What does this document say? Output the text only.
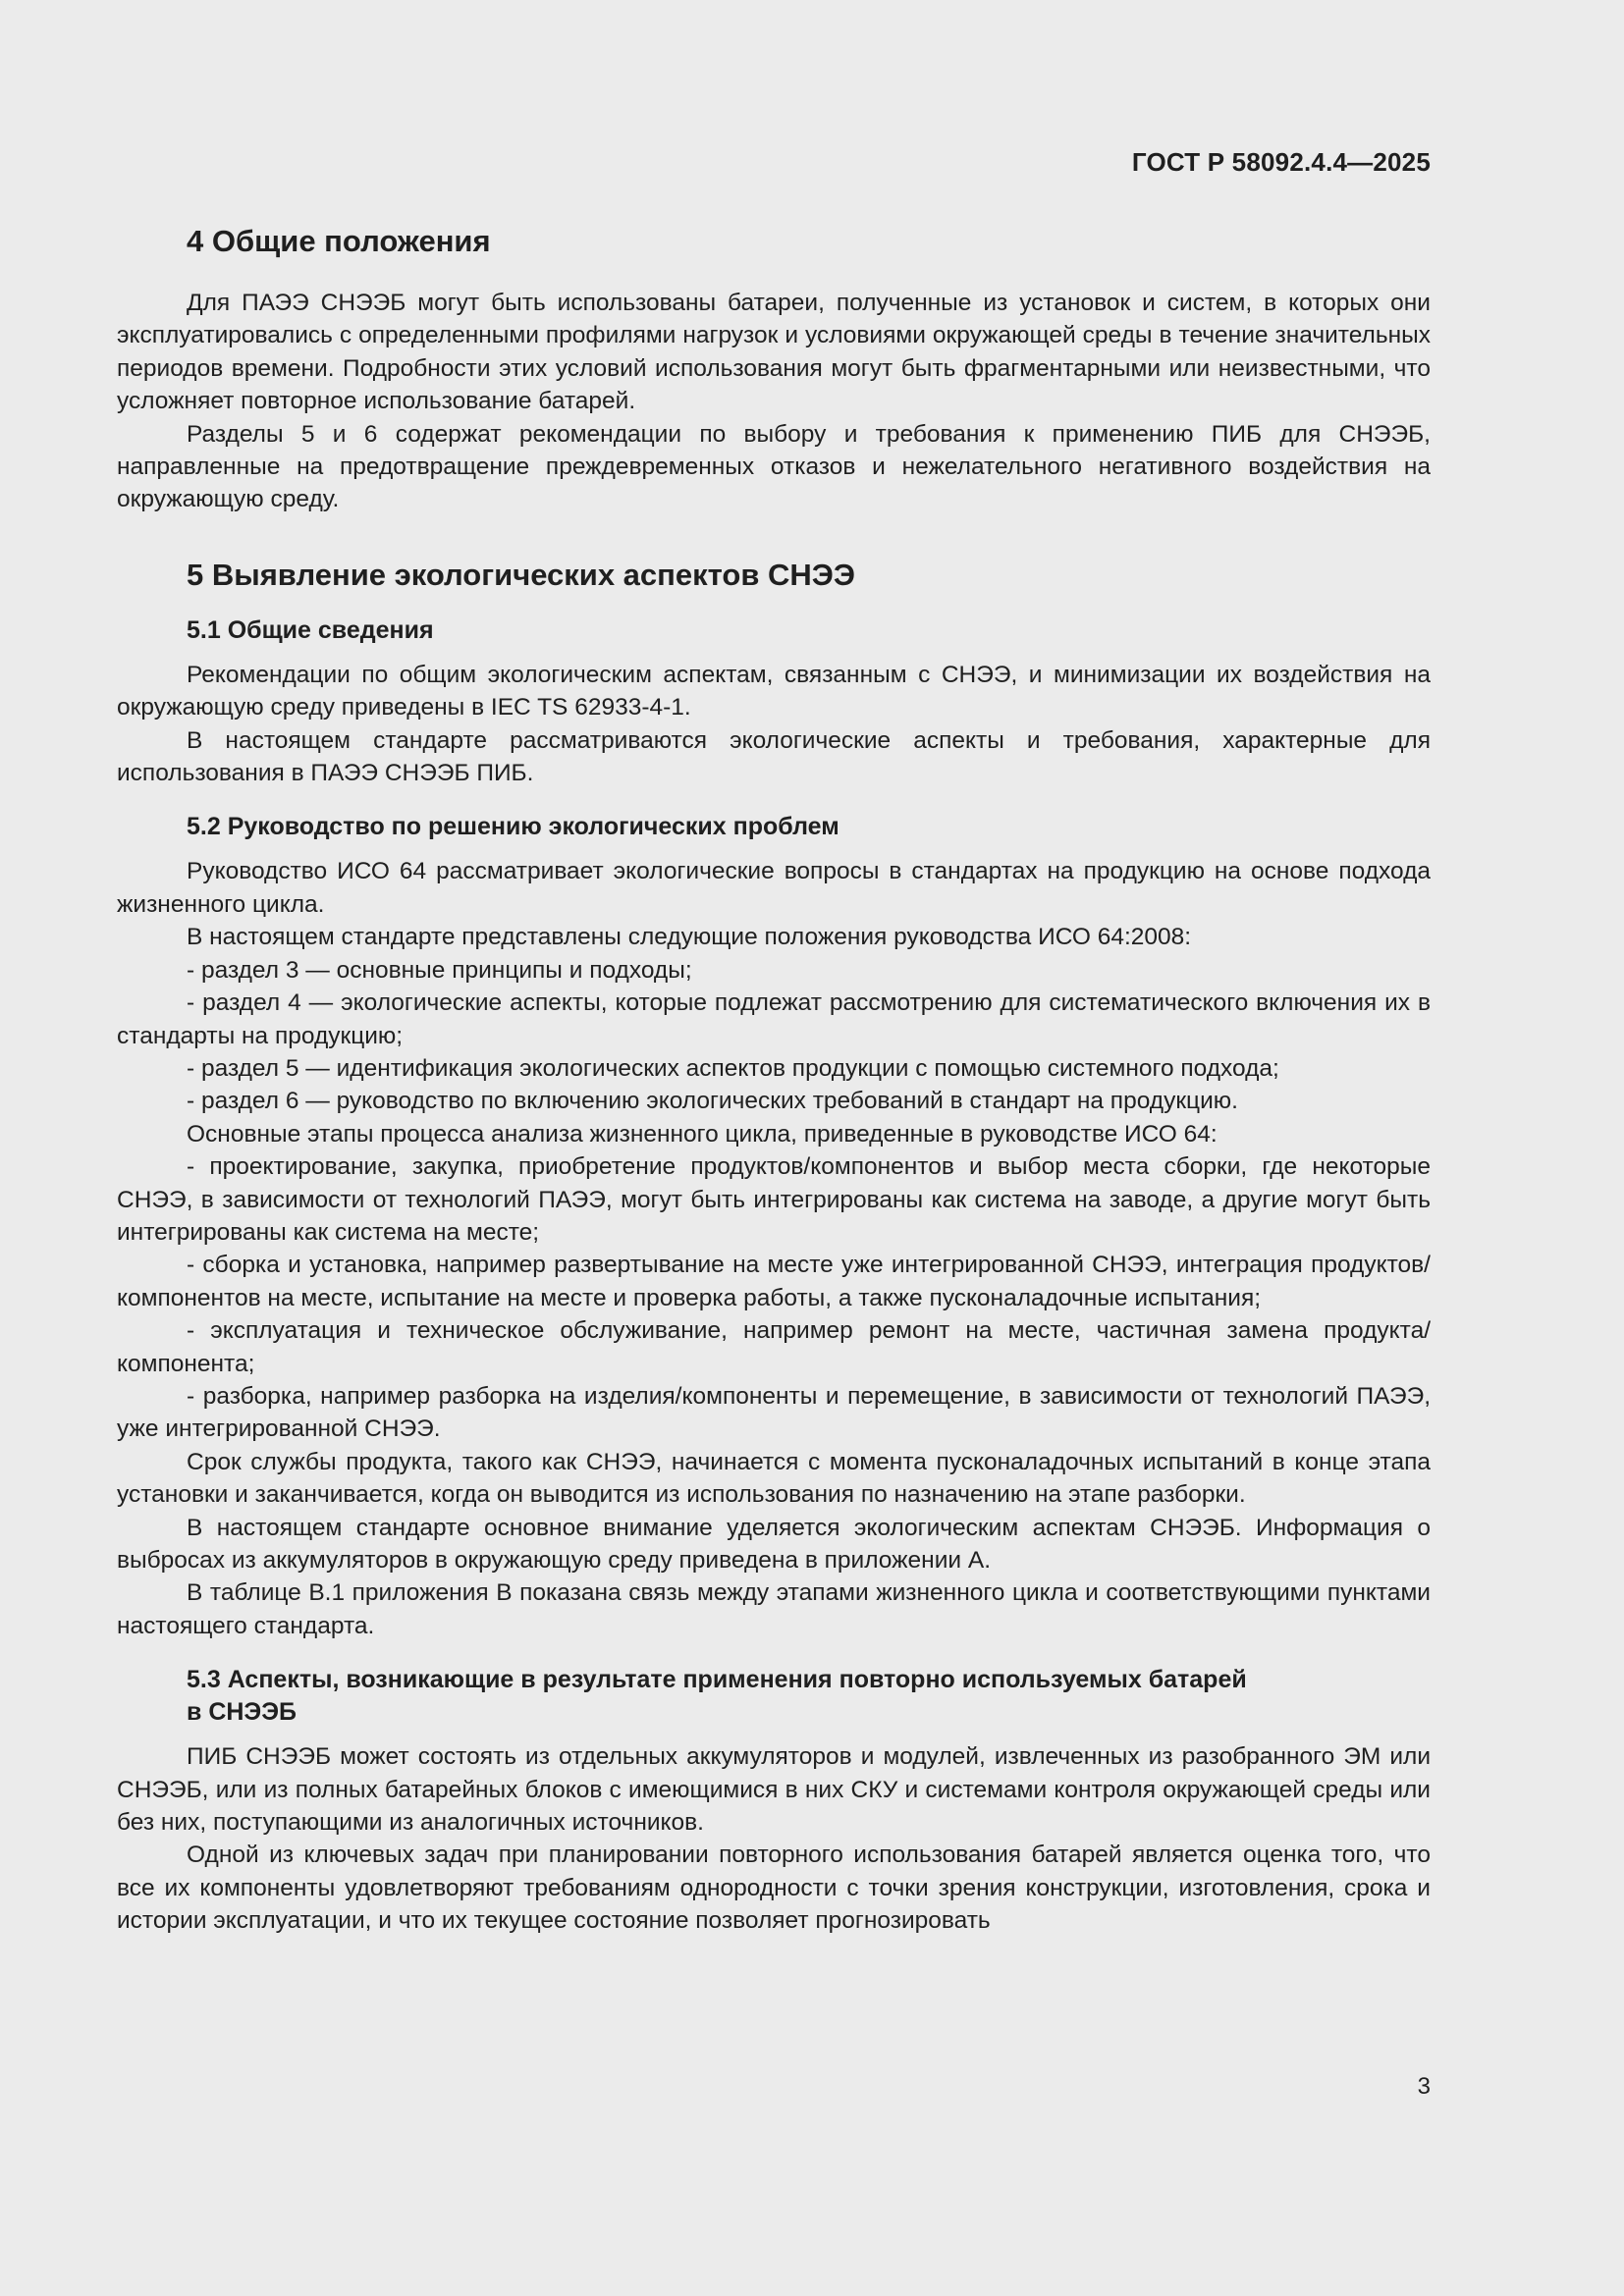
ГОСТ Р 58092.4.4—2025
4 Общие положения

Для ПАЭЭ СНЭЭБ могут быть использованы батареи, полученные из установок и систем, в которых они эксплуатировались с определенными профилями нагрузок и условиями окружающей среды в течение значительных периодов времени. Подробности этих условий использования могут быть фрагментарными или неизвестными, что усложняет повторное использование батарей.

Разделы 5 и 6 содержат рекомендации по выбору и требования к применению ПИБ для СНЭЭБ, направленные на предотвращение преждевременных отказов и нежелательного негативного воздействия на окружающую среду.

5 Выявление экологических аспектов СНЭЭ
5.1 Общие сведения

Рекомендации по общим экологическим аспектам, связанным с СНЭЭ, и минимизации их воздействия на окружающую среду приведены в IEC TS 62933-4-1.

В настоящем стандарте рассматриваются экологические аспекты и требования, характерные для использования в ПАЭЭ СНЭЭБ ПИБ.

5.2 Руководство по решению экологических проблем

Руководство ИСО 64 рассматривает экологические вопросы в стандартах на продукцию на основе подхода жизненного цикла.

В настоящем стандарте представлены следующие положения руководства ИСО 64:2008:

- раздел 3 — основные принципы и подходы;

- раздел 4 — экологические аспекты, которые подлежат рассмотрению для систематического включения их в стандарты на продукцию;

- раздел 5 — идентификация экологических аспектов продукции с помощью системного подхода;

- раздел 6 — руководство по включению экологических требований в стандарт на продукцию.

Основные этапы процесса анализа жизненного цикла, приведенные в руководстве ИСО 64:

- проектирование, закупка, приобретение продуктов/компонентов и выбор места сборки, где некоторые СНЭЭ, в зависимости от технологий ПАЭЭ, могут быть интегрированы как система на заводе, а другие могут быть интегрированы как система на месте;

- сборка и установка, например развертывание на месте уже интегрированной СНЭЭ, интеграция продуктов/компонентов на месте, испытание на месте и проверка работы, а также пусконаладочные испытания;

- эксплуатация и техническое обслуживание, например ремонт на месте, частичная замена продукта/компонента;

- разборка, например разборка на изделия/компоненты и перемещение, в зависимости от технологий ПАЭЭ, уже интегрированной СНЭЭ.

Срок службы продукта, такого как СНЭЭ, начинается с момента пусконаладочных испытаний в конце этапа установки и заканчивается, когда он выводится из использования по назначению на этапе разборки.

В настоящем стандарте основное внимание уделяется экологическим аспектам СНЭЭБ. Информация о выбросах из аккумуляторов в окружающую среду приведена в приложении А.

В таблице В.1 приложения В показана связь между этапами жизненного цикла и соответствующими пунктами настоящего стандарта.

5.3 Аспекты, возникающие в результате применения повторно используемых батарей
в СНЭЭБ

ПИБ СНЭЭБ может состоять из отдельных аккумуляторов и модулей, извлеченных из разобранного ЭМ или СНЭЭБ, или из полных батарейных блоков с имеющимися в них СКУ и системами контроля окружающей среды или без них, поступающими из аналогичных источников.

Одной из ключевых задач при планировании повторного использования батарей является оценка того, что все их компоненты удовлетворяют требованиям однородности с точки зрения конструкции, изготовления, срока и истории эксплуатации, и что их текущее состояние позволяет прогнозировать

3
